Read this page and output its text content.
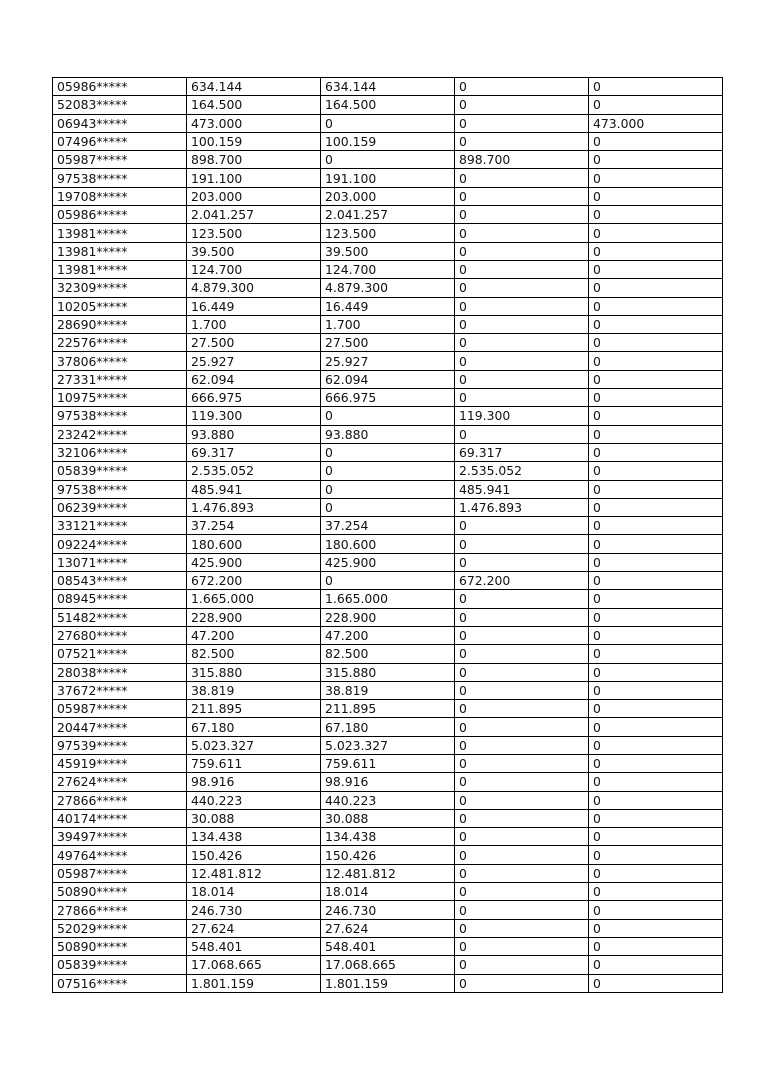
05986*****	634.144	634.144	0	0
52083*****	164.500	164.500	0	0
06943*****	473.000	0	0	473.000
07496*****	100.159	100.159	0	0
05987*****	898.700	0	898.700	0
97538*****	191.100	191.100	0	0
19708*****	203.000	203.000	0	0
05986*****	2.041.257	2.041.257	0	0
13981*****	123.500	123.500	0	0
13981*****	39.500	39.500	0	0
13981*****	124.700	124.700	0	0
32309*****	4.879.300	4.879.300	0	0
10205*****	16.449	16.449	0	0
28690*****	1.700	1.700	0	0
22576*****	27.500	27.500	0	0
37806*****	25.927	25.927	0	0
27331*****	62.094	62.094	0	0
10975*****	666.975	666.975	0	0
97538*****	119.300	0	119.300	0
23242*****	93.880	93.880	0	0
32106*****	69.317	0	69.317	0
05839*****	2.535.052	0	2.535.052	0
97538*****	485.941	0	485.941	0
06239*****	1.476.893	0	1.476.893	0
33121*****	37.254	37.254	0	0
09224*****	180.600	180.600	0	0
13071*****	425.900	425.900	0	0
08543*****	672.200	0	672.200	0
08945*****	1.665.000	1.665.000	0	0
51482*****	228.900	228.900	0	0
27680*****	47.200	47.200	0	0
07521*****	82.500	82.500	0	0
28038*****	315.880	315.880	0	0
37672*****	38.819	38.819	0	0
05987*****	211.895	211.895	0	0
20447*****	67.180	67.180	0	0
97539*****	5.023.327	5.023.327	0	0
45919*****	759.611	759.611	0	0
27624*****	98.916	98.916	0	0
27866*****	440.223	440.223	0	0
40174*****	30.088	30.088	0	0
39497*****	134.438	134.438	0	0
49764*****	150.426	150.426	0	0
05987*****	12.481.812	12.481.812	0	0
50890*****	18.014	18.014	0	0
27866*****	246.730	246.730	0	0
52029*****	27.624	27.624	0	0
50890*****	548.401	548.401	0	0
05839*****	17.068.665	17.068.665	0	0
07516*****	1.801.159	1.801.159	0	0
